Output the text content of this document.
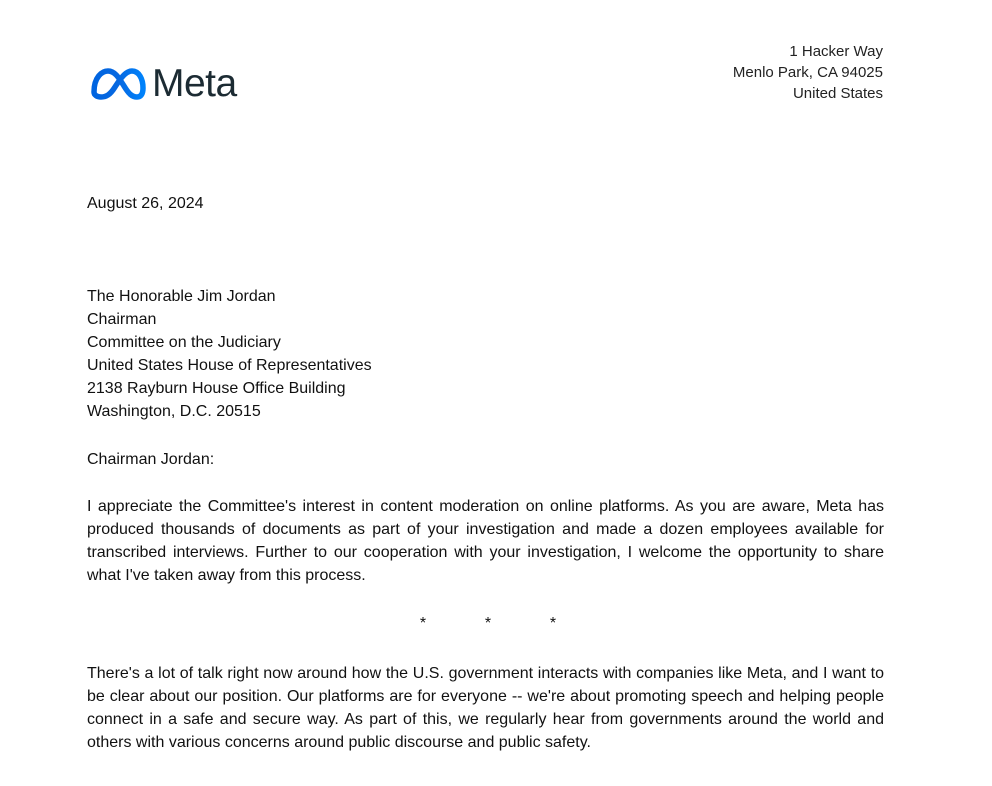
Meta
1 Hacker Way
Menlo Park, CA 94025
United States
August 26, 2024
The Honorable Jim Jordan
Chairman
Committee on the Judiciary
United States House of Representatives
2138 Rayburn House Office Building
Washington, D.C. 20515
Chairman Jordan:
I appreciate the Committee's interest in content moderation on online platforms. As you are aware, Meta has produced thousands of documents as part of your investigation and made a dozen employees available for transcribed interviews. Further to our cooperation with your investigation, I welcome the opportunity to share what I've taken away from this process.
*	*	*
There's a lot of talk right now around how the U.S. government interacts with companies like Meta, and I want to be clear about our position. Our platforms are for everyone -- we're about promoting speech and helping people connect in a safe and secure way. As part of this, we regularly hear from governments around the world and others with various concerns around public discourse and public safety.
